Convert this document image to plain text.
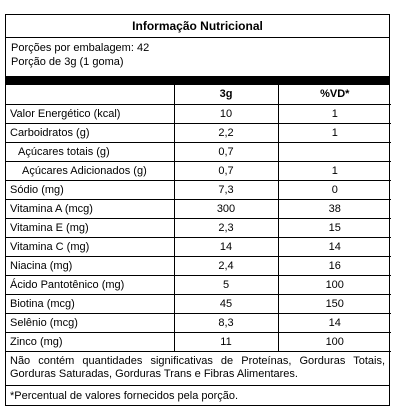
Informação Nutricional
Porções por embalagem: 42
Porção de 3g (1 goma)
	3g	%VD*
Valor Energético (kcal)	10	1
Carboidratos (g)	2,2	1
Açúcares totais (g)	0,7	
Açúcares Adicionados (g)	0,7	1
Sódio (mg)	7,3	0
Vitamina A (mcg)	300	38
Vitamina E (mg)	2,3	15
Vitamina C (mg)	14	14
Niacina (mg)	2,4	16
Ácido Pantotênico (mg)	5	100
Biotina (mcg)	45	150
Selênio (mcg)	8,3	14
Zinco (mg)	11	100
Não contém quantidades significativas de Proteínas, Gorduras Totais, Gorduras Saturadas, Gorduras Trans e Fibras Alimentares.
*Percentual de valores fornecidos pela porção.
